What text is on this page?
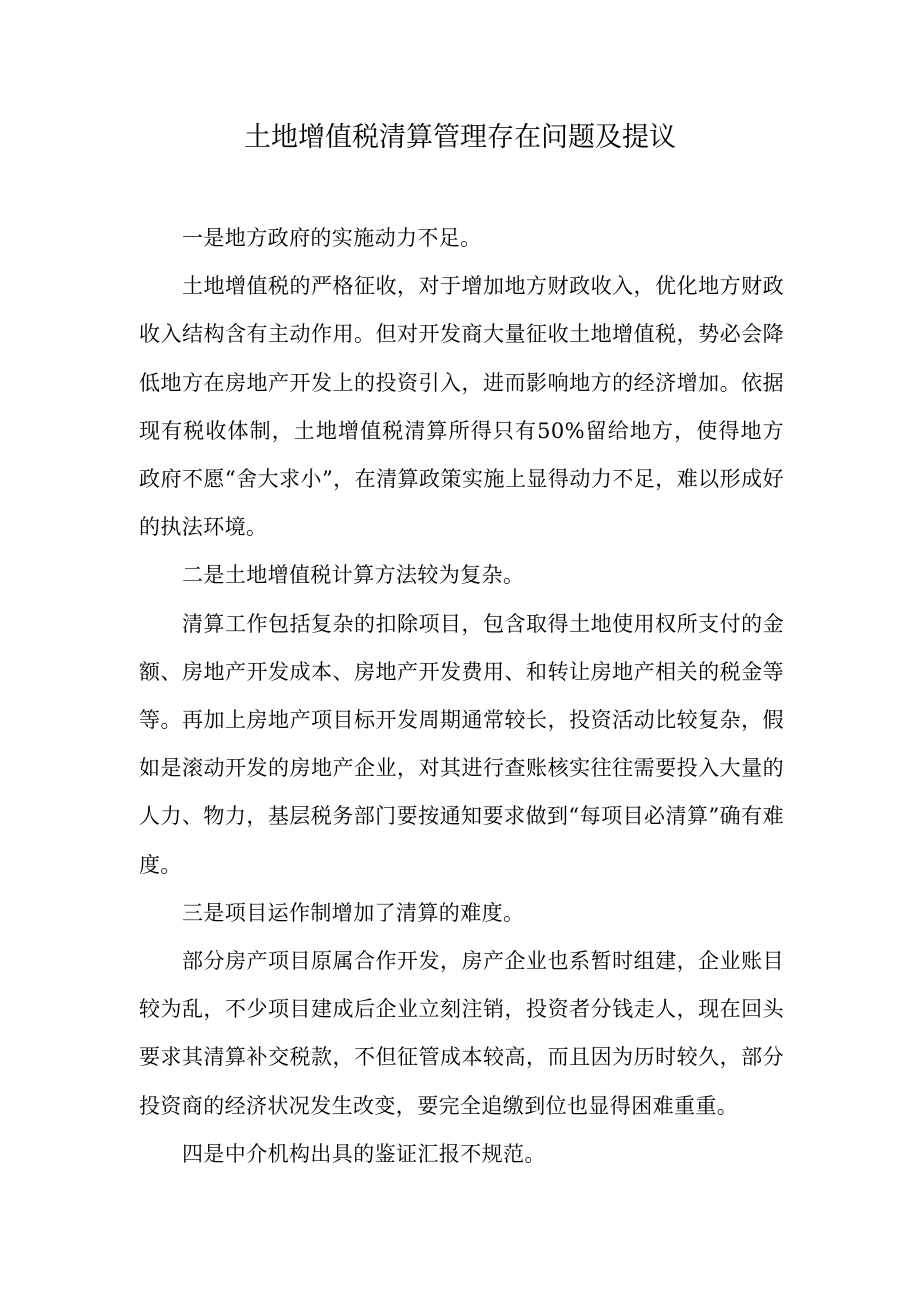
土地增值税清算管理存在问题及提议

一是地方政府的实施动力不足。

土地增值税的严格征收，对于增加地方财政收入，优化地方财政收入结构含有主动作用。但对开发商大量征收土地增值税，势必会降低地方在房地产开发上的投资引入，进而影响地方的经济增加。依据现有税收体制，土地增值税清算所得只有50%留给地方，使得地方政府不愿“舍大求小”，在清算政策实施上显得动力不足，难以形成好的执法环境。

二是土地增值税计算方法较为复杂。

清算工作包括复杂的扣除项目，包含取得土地使用权所支付的金额、房地产开发成本、房地产开发费用、和转让房地产相关的税金等等。再加上房地产项目标开发周期通常较长，投资活动比较复杂，假如是滚动开发的房地产企业，对其进行查账核实往往需要投入大量的人力、物力，基层税务部门要按通知要求做到“每项目必清算”确有难度。

三是项目运作制增加了清算的难度。

部分房产项目原属合作开发，房产企业也系暂时组建，企业账目较为乱，不少项目建成后企业立刻注销，投资者分钱走人，现在回头要求其清算补交税款，不但征管成本较高，而且因为历时较久，部分投资商的经济状况发生改变，要完全追缴到位也显得困难重重。

四是中介机构出具的鉴证汇报不规范。
